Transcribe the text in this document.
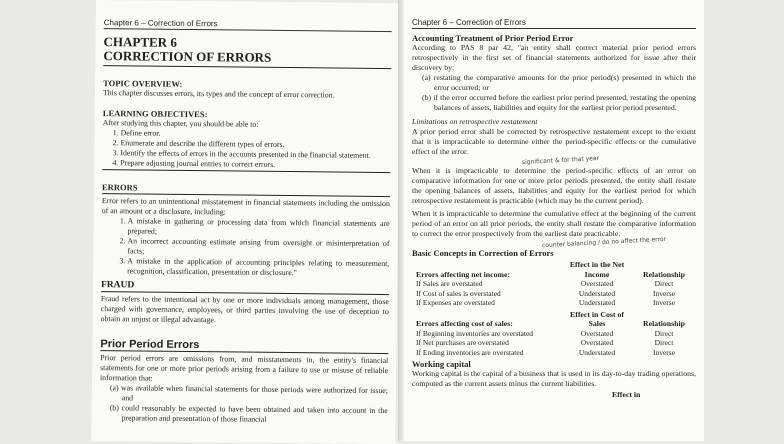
Chapter 6 – Correction of Errors
CHAPTER 6
CORRECTION OF ERRORS
TOPIC OVERVIEW:

This chapter discusses errors, its types and the concept of error correction.

LEARNING OBJECTIVES:

After studying this chapter, you should be able to:

1. Define error.
2. Enumerate and describe the different types of errors.
3. Identify the effects of errors in the accounts presented in the financial statement.
4. Prepare adjusting journal entries to correct errors.
ERRORS

Error refers to an unintentional misstatement in financial statements including the omission of an amount or a disclosure, including:

1. A mistake in gathering or processing data from which financial statements are prepared;
2. An incorrect accounting estimate arising from oversight or misinterpretation of facts;
3. A mistake in the application of accounting principles relating to measurement, recognition, classification, presentation or disclosure."
FRAUD

Fraud refers to the intentional act by one or more individuals among management, those charged with governance, employees, or third parties involving the use of deception to obtain an unjust or illegal advantage.

Prior Period Errors

Prior period errors are omissions from, and misstatements in, the entity's financial statements for one or more prior periods arising from a failure to use or misuse of reliable information that:

(a) was available when financial statements for those periods were authorized for issue; and
(b) could reasonably be expected to have been obtained and taken into account in the preparation and presentation of those financial
Chapter 6 – Correction of Errors
Accounting Treatment of Prior Period Error

According to PAS 8 par 42, "an entity shall correct material prior period errors retrospectively in the first set of financial statements authorized for issue after their discovery by:

(a) restating the comparative amounts for the prior period(s) presented in which the error occurred; or
(b) if the error occurred before the earliest prior period presented, restating the opening balances of assets, liabilities and equity for the earliest prior period presented.

Limitations on retrospective restatement

A prior period error shall be corrected by retrospective restatement except to the extent that it is impracticable to determine either the period-specific effects or the cumulative effect of the error.

significant & for that year

When it is impracticable to determine the period-specific effects of an error on comparative information for one or more prior periods presented, the entity shall restate the opening balances of assets, liabilities and equity for the earliest period for which retrospective restatement is practicable (which may be the current period).

When it is impracticable to determine the cumulative effect at the beginning of the current period of an error on all prior periods, the entity shall restate the comparative information to correct the error prospectively from the earliest date practicable.

counter balancing / do no affect the error
Basic Concepts in Correction of Errors
Errors affecting net income:	Effect in the Net Income	Relationship
If Sales are overstated	Overstated	Direct
If Cost of sales is overstated	Understated	Inverse
If Expenses are overstated	Understated	Inverse
Errors affecting cost of sales:	Effect in Cost of Sales	Relationship
If Beginning inventories are overstated	Overstated	Direct
If Net purchases are overstated	Overstated	Direct
If Ending inventories are overstated	Understated	Inverse
Working capital

Working capital is the capital of a business that is used in its day-to-day trading operations, computed as the current assets minus the current liabilities.

Effect in
